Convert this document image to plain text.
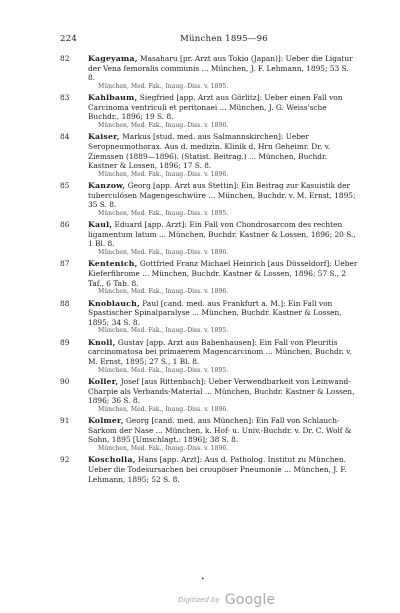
224	München 1895—96
82 Kageyama, Masaharu [pr. Arzt aus Tokio (Japan)]: Ueber die Ligatur der Vena femoralis communis ... München, J. F. Lehmann, 1895; 53 S. 8.
München, Med. Fak., Inaug.-Diss. v. 1895.
83 Kahlbaum, Siegfried [app. Arzt aus Görlitz]: Ueber einen Fall von Carcinoma ventriculi et peritonaei ... München, J. G. Weiss'sche Buchdr., 1896; 19 S. 8.
München, Med. Fak., Inaug.-Diss. v. 1896.
84 Kaiser, Markus [stud. med. aus Salmannskirchen]: Ueber Seropneumothorax. Aus d. medizin. Klinik d. Hrn Geheimr. Dr. v. Ziemssen (1889—1896). (Statist. Beitrag.) ... München, Buchdr. Kastner & Lossen, 1896; 17 S. 8.
München, Med. Fak., Inaug.-Diss. v. 1896.
85 Kanzow, Georg [app. Arzt aus Stettin]: Ein Beitrag zur Kasuistik der tuberculösen Magengeschwüre ... München, Buchdr. v. M. Ernst, 1895; 35 S. 8.
München, Med. Fak., Inaug.-Diss. v. 1895.
86 Kaul, Eduard [app. Arzt]: Ein Fall von Chondrosarcom des rechten ligamentum latum ... München, Buchdr. Kastner & Lossen, 1896; 20 S., 1 Bl. 8.
München, Med. Fak., Inaug.-Diss. v. 1896.
87 Kentenich, Gottfried Franz Michael Heinrich [aus Düsseldorf]: Ueber Kieferfibrome ... München, Buchdr. Kastner & Lossen, 1896; 57 S., 2 Taf., 6 Tab. 8.
München, Med. Fak., Inaug.-Diss. v. 1896.
88 Knoblauch, Paul [cand. med. aus Frankfurt a. M.]: Ein Fall von Spastischer Spinalparalyse ... München, Buchdr. Kastner & Lossen, 1895; 34 S. 8.
München, Med. Fak., Inaug.-Diss. v. 1895.
89 Knoll, Gustav [app. Arzt aus Babenhausen]: Ein Fall von Pleuritis carcinomatosa bei primaerem Magencarcinom ... München, Buchdr. v. M. Ernst, 1895; 27 S., 1 Bl. 8.
München, Med. Fak., Inaug.-Diss. v. 1895.
90 Koller, Josef [aus Rittenbach]: Ueber Verwendbarkeit von Leinwand-Charpie als Verbands-Material ... München, Buchdr. Kastner & Lossen, 1896; 36 S. 8.
München, Med. Fak., Inaug.-Diss. v. 1896.
91 Kolmer, Georg [cand. med. aus München]: Ein Fall von Schlauch-Sarkom der Nase ... München, k. Hof- u. Univ.-Buchdr. v. Dr. C. Wolf & Sohn, 1895 [Umschlagt.: 1896]; 38 S. 8.
München, Med. Fak., Inaug.-Diss. v. 1896.
92 Koscholla, Hans [app. Arzt]: Aus d. Patholog. Institut zu München. Ueber die Todesursachen bei croupöser Pneumonie ... München, J. F. Lehmann, 1895; 52 S. 8.
•
Digitized by Google
